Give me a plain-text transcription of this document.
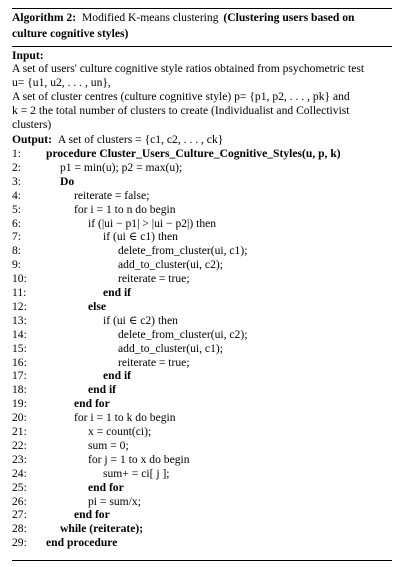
Algorithm 2: Modified K-means clustering (Clustering users based on
culture cognitive styles)
Input:
A set of users' culture cognitive style ratios obtained from psychometric test
u= {u1, u2, . . . , un},
A set of cluster centres (culture cognitive style) p= {p1, p2, . . . , pk} and
k = 2 the total number of clusters to create (Individualist and Collectivist
clusters)
Output: A set of clusters = {c1, c2, . . . , ck}
1:	procedure Cluster_Users_Culture_Cognitive_Styles(u, p, k)
2:	p1 = min(u); p2 = max(u);
3:	Do
4:	reiterate = false;
5:	for i = 1 to n do begin
6:	if (|ui − p1| > |ui − p2|) then
7:	if (ui ∈ c1) then
8:	delete_from_cluster(ui, c1);
9:	add_to_cluster(ui, c2);
10:	reiterate = true;
11:	end if
12:	else
13:	if (ui ∈ c2) then
14:	delete_from_cluster(ui, c2);
15:	add_to_cluster(ui, c1);
16:	reiterate = true;
17:	end if
18:	end if
19:	end for
20:	for i = 1 to k do begin
21:	x = count(ci);
22:	sum = 0;
23:	for j = 1 to x do begin
24:	sum+ = ci[ j ];
25:	end for
26:	pi = sum/x;
27:	end for
28:	while (reiterate);
29:	end procedure
